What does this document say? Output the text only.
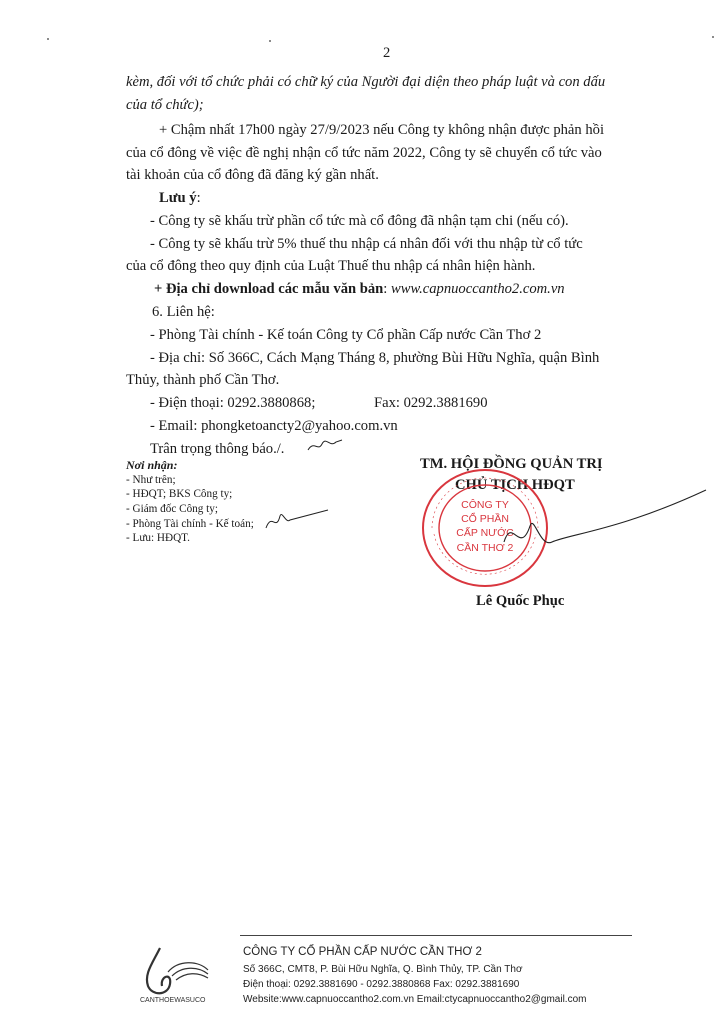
2
kèm, đối với tổ chức phải có chữ ký của Người đại diện theo pháp luật và con dấu
của tổ chức);
+ Chậm nhất 17h00 ngày 27/9/2023 nếu Công ty không nhận được phản hồi
của cổ đông về việc đề nghị nhận cổ tức năm 2022, Công ty sẽ chuyển cổ tức vào
tài khoản của cổ đông đã đăng ký gần nhất.
Lưu ý:
- Công ty sẽ khấu trừ phần cổ tức mà cổ đông đã nhận tạm chi (nếu có).
- Công ty sẽ khấu trừ 5% thuế thu nhập cá nhân đối với thu nhập từ cổ tức
của cổ đông theo quy định của Luật Thuế thu nhập cá nhân hiện hành.
+ Địa chỉ download các mẫu văn bản: www.capnuoccantho2.com.vn
6. Liên hệ:
- Phòng Tài chính - Kế toán Công ty Cổ phần Cấp nước Cần Thơ 2
- Địa chỉ: Số 366C, Cách Mạng Tháng 8, phường Bùi Hữu Nghĩa, quận Bình
Thủy, thành phố Cần Thơ.
- Điện thoại: 0292.3880868;	Fax: 0292.3881690
- Email: phongketoancty2@yahoo.com.vn
Trân trọng thông báo./.
Nơi nhận:
- Như trên;
- HĐQT; BKS Công ty;
- Giám đốc Công ty;
- Phòng Tài chính - Kế toán;
- Lưu: HĐQT.
TM. HỘI ĐỒNG QUẢN TRỊ
CHỦ TỊCH HĐQT
CÔNG TY
CỔ PHẦN
CẤP NƯỚC
CẦN THƠ 2
Lê Quốc Phục
CANTHOEWASUCO
CÔNG TY CỔ PHẦN CẤP NƯỚC CẦN THƠ 2
Số 366C, CMT8, P. Bùi Hữu Nghĩa, Q. Bình Thủy, TP. Cần Thơ
Điện thoại: 0292.3881690 - 0292.3880868 Fax: 0292.3881690
Website:www.capnuoccantho2.com.vn Email:ctycapnuoccantho2@gmail.com
